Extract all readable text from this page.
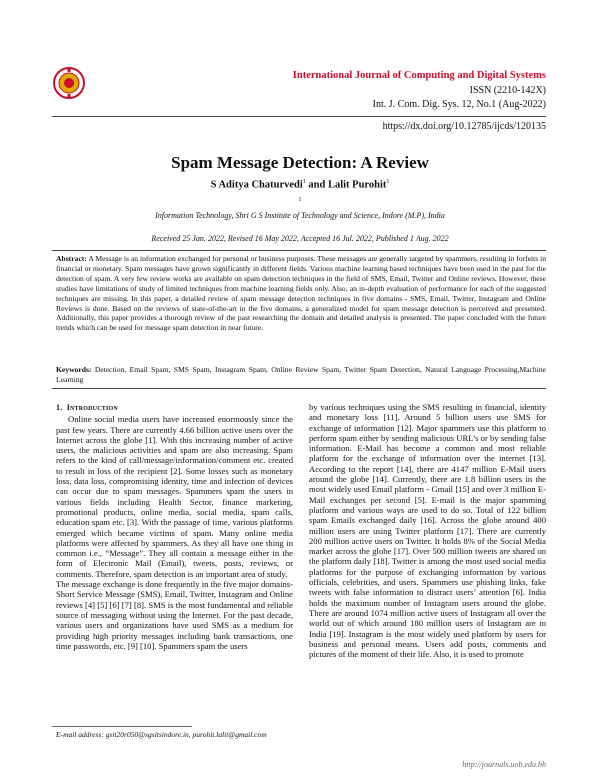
International Journal of Computing and Digital Systems
ISSN (2210-142X)
Int. J. Com. Dig. Sys. 12, No.1 (Aug-2022)
https://dx.doi.org/10.12785/ijcds/120135
Spam Message Detection: A Review
S Aditya Chaturvedi$^1$ and Lalit Purohit$^1$
1
Information Technology, Shri G S Institute of Technology and Science, Indore (M.P), India
Received 25 Jan. 2022, Revised 16 May 2022, Accepted 16 Jul. 2022, Published 1 Aug. 2022
Abstract: A Message is an information exchanged for personal or business purposes. These messages are generally targeted by spammers, resulting in forfeits in financial or monetary. Spam messages have grown significantly in different fields. Various machine learning based techniques have been used in the past for the detection of spam. A very few review works are available on spam detection techniques in the field of SMS, Email, Twitter and Online reviews. However, these studies have limitations of study of limited techniques from machine learning fields only. Also, an in-depth evaluation of performance for each of the suggested techniques are missing. In this paper, a detailed review of spam message detection techniques in five domains - SMS, Email, Twitter, Instagram and Online Reviews is done. Based on the reviews of state-of-the-art in the five domains, a generalized model for spam message detection is perceived and presented. Additionally, this paper provides a thorough review of the past researching the domain and detailed analysis is presented. The paper concluded with the future trends which can be used for message spam detection in near future.
Keywords: Detection, Email Spam, SMS Spam, Instagram Spam, Online Review Spam, Twitter Spam Detection, Natural Language Processing,Machine Learning

1. Introduction

Online social media users have increased enormously since the past few years. There are currently 4.66 billion active users over the Internet across the globe [1]. With this increasing number of active users, the malicious activities and spam are also increasing. Spam refers to the kind of call/message/information/comment etc. created to result in loss of the recipient [2]. Some losses such as monetary loss, data loss, compromising identity, time and infection of devices can occur due to spam messages. Spammers spam the users in various fields including Health Sector, finance marketing, promotional products, online media, social media, spam calls, education spam etc. [3]. With the passage of time, various platforms emerged which became victims of spam. Many online media platforms were affected by spammers. As they all have one thing in common i.e., “Message”. They all contain a message either in the form of Electronic Mail (Email), tweets, posts, reviews, or comments. Therefore, spam detection is an important area of study.

The message exchange is done frequently in the five major domains- Short Service Message (SMS), Email, Twitter, Instagram and Online reviews [4] [5] [6] [7] [8]. SMS is the most fundamental and reliable source of messaging without using the Internet. For the past decade, various users and organizations have used SMS as a medium for providing high priority messages including bank transactions, one time passwords, etc. [9] [10]. Spammers spam the users

by various techniques using the SMS resulting in financial, identity and monetary loss [11]. Around 5 billion users use SMS for exchange of information [12]. Major spammers use this platform to perform spam either by sending malicious URL’s or by sending false information. E-Mail has become a common and most reliable platform for the exchange of information over the internet [13]. According to the report [14], there are 4147 million E-Mail users around the globe [14]. Currently, there are 1.8 billion users in the most widely used Email platform - Gmail [15] and over 3 million E-Mail exchanges per second [5]. E-mail is the major spamming platform and various ways are used to do so. Total of 122 billion spam Emails exchanged daily [16]. Across the globe around 400 million users are using Twitter platform [17]. There are currently 200 million active users on Twitter. It holds 8% of the Social Media market across the globe [17]. Over 500 million tweets are shared on the platform daily [18]. Twitter is among the most used social media platforms for the purpose of exchanging information by various officials, celebrities, and users. Spammers use phishing links, fake tweets with false information to distract users’ attention [6]. India holds the maximum number of Instagram users around the globe. There are around 1074 million active users of Instagram all over the world out of which around 180 million users of Instagram are in India [19]. Instagram is the most widely used platform by users for business and personal means. Users add posts, comments and pictures of the moment of their life. Also, it is used to promote

E-mail address: gsit20r050@sgsitsindore.in, purohit.lalit@gmail.com
http://journals.uob.edu.bh
